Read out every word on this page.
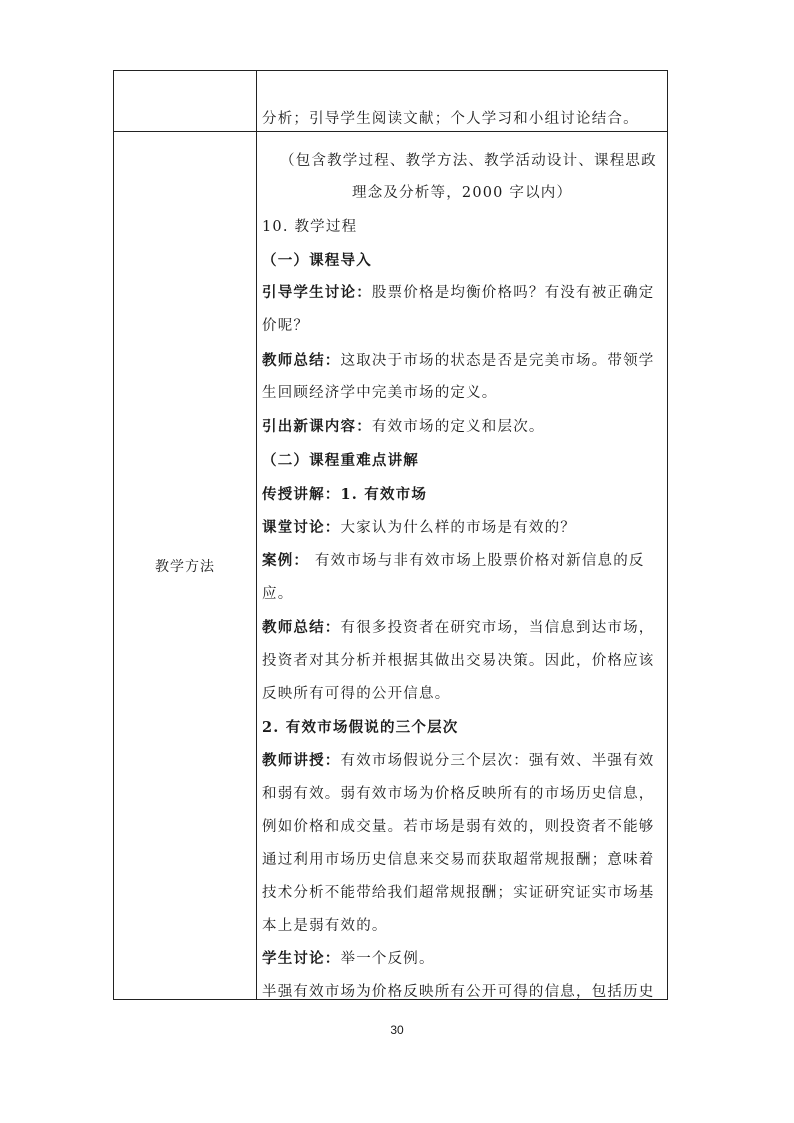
教学方法
分析；引导学生阅读文献；个人学习和小组讨论结合。
（包含教学过程、教学方法、教学活动设计、课程思政
理念及分析等，2000 字以内）
10. 教学过程
（一）课程导入
引导学生讨论：股票价格是均衡价格吗？有没有被正确定
价呢？
教师总结：这取决于市场的状态是否是完美市场。带领学
生回顾经济学中完美市场的定义。
引出新课内容：有效市场的定义和层次。
（二）课程重难点讲解
传授讲解：1. 有效市场
课堂讨论：大家认为什么样的市场是有效的？
案例： 有效市场与非有效市场上股票价格对新信息的反
应。
教师总结：有很多投资者在研究市场，当信息到达市场，
投资者对其分析并根据其做出交易决策。因此，价格应该
反映所有可得的公开信息。
2. 有效市场假说的三个层次
教师讲授：有效市场假说分三个层次：强有效、半强有效
和弱有效。弱有效市场为价格反映所有的市场历史信息，
例如价格和成交量。若市场是弱有效的，则投资者不能够
通过利用市场历史信息来交易而获取超常规报酬；意味着
技术分析不能带给我们超常规报酬；实证研究证实市场基
本上是弱有效的。
学生讨论：举一个反例。
半强有效市场为价格反映所有公开可得的信息，包括历史
30
